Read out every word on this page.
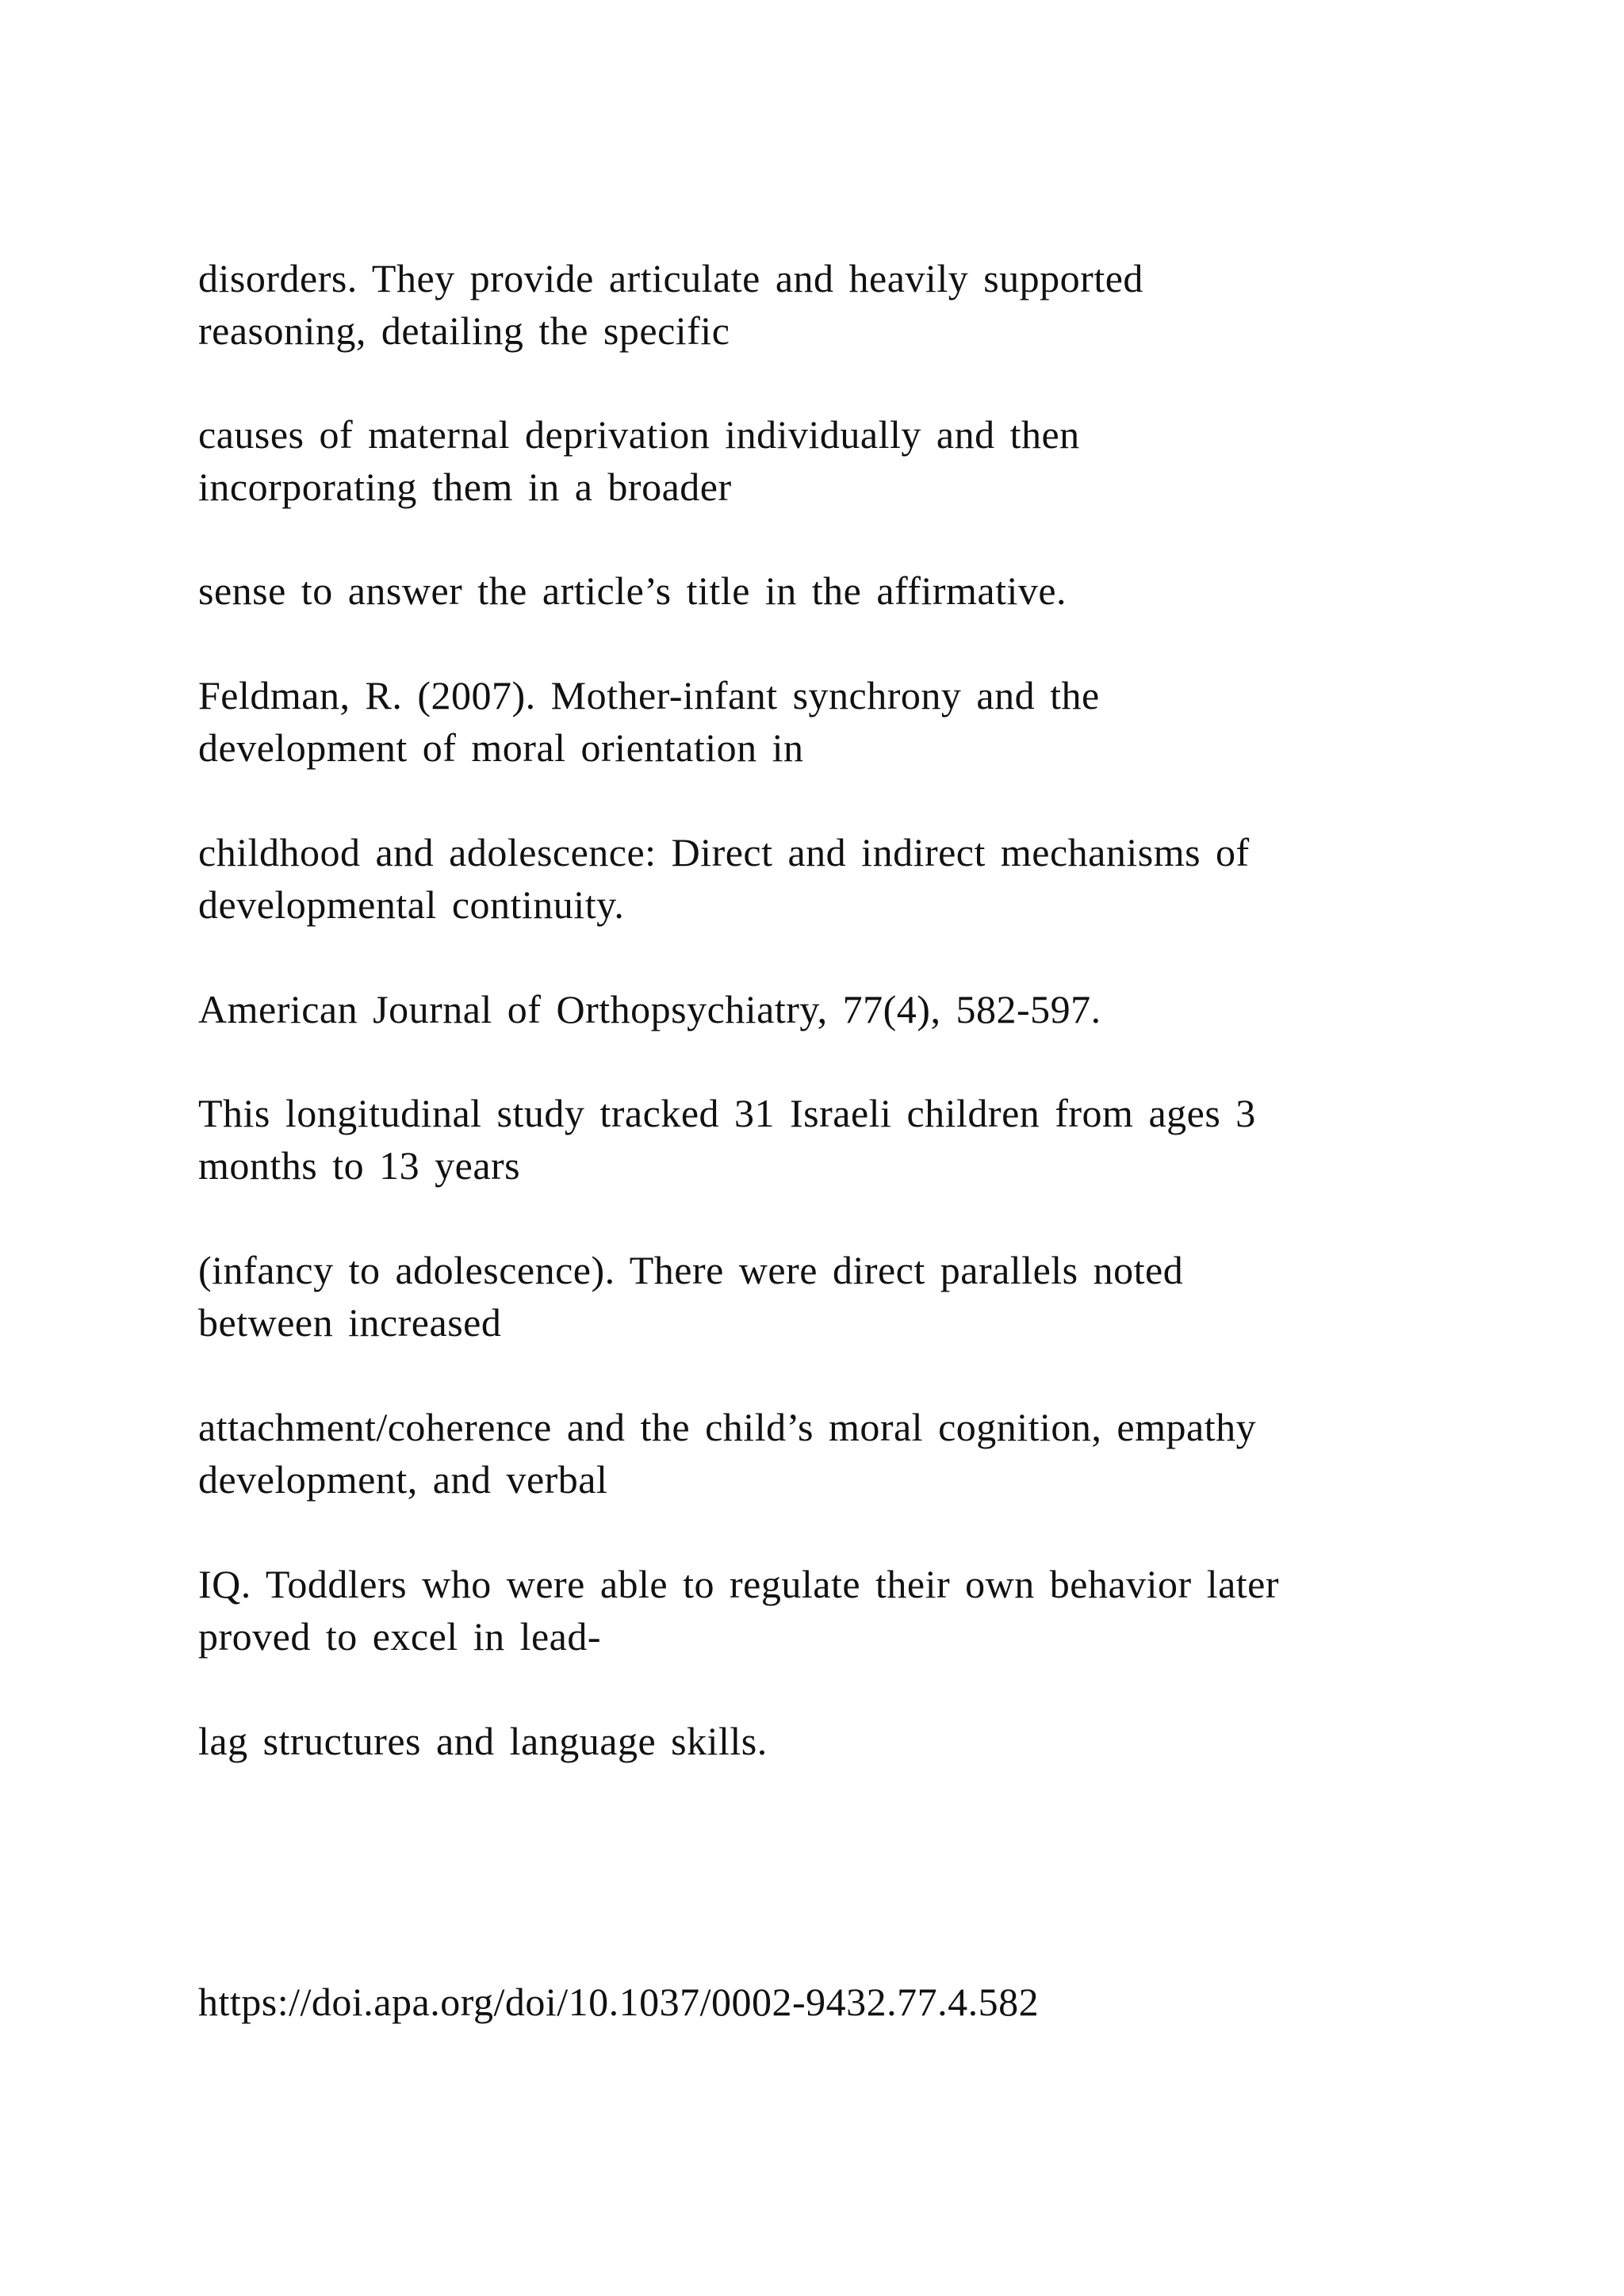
disorders. They provide articulate and heavily supported

reasoning, detailing the specific

causes of maternal deprivation individually and then

incorporating them in a broader

sense to answer the article’s title in the affirmative.

Feldman, R. (2007). Mother-infant synchrony and the

development of moral orientation in

childhood and adolescence: Direct and indirect mechanisms of

developmental continuity.

American Journal of Orthopsychiatry, 77(4), 582-597.

This longitudinal study tracked 31 Israeli children from ages 3

months to 13 years

(infancy to adolescence). There were direct parallels noted

between increased

attachment/coherence and the child’s moral cognition, empathy

development, and verbal

IQ. Toddlers who were able to regulate their own behavior later

proved to excel in lead-

lag structures and language skills.

https://doi.apa.org/doi/10.1037/0002-9432.77.4.582
